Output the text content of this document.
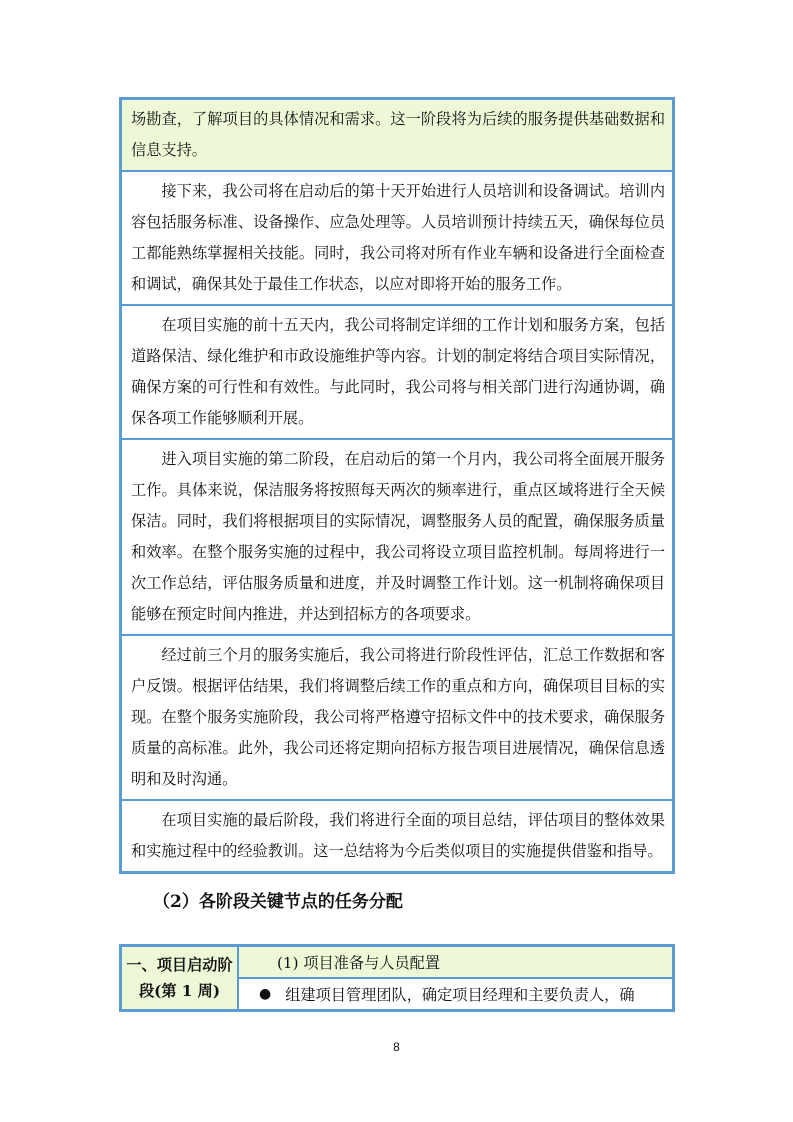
场勘查，了解项目的具体情况和需求。这一阶段将为后续的服务提供基础数据和信息支持。
接下来，我公司将在启动后的第十天开始进行人员培训和设备调试。培训内容包括服务标准、设备操作、应急处理等。人员培训预计持续五天，确保每位员工都能熟练掌握相关技能。同时，我公司将对所有作业车辆和设备进行全面检查和调试，确保其处于最佳工作状态，以应对即将开始的服务工作。
在项目实施的前十五天内，我公司将制定详细的工作计划和服务方案，包括道路保洁、绿化维护和市政设施维护等内容。计划的制定将结合项目实际情况，确保方案的可行性和有效性。与此同时，我公司将与相关部门进行沟通协调，确保各项工作能够顺利开展。
进入项目实施的第二阶段，在启动后的第一个月内，我公司将全面展开服务工作。具体来说，保洁服务将按照每天两次的频率进行，重点区域将进行全天候保洁。同时，我们将根据项目的实际情况，调整服务人员的配置，确保服务质量和效率。在整个服务实施的过程中，我公司将设立项目监控机制。每周将进行一次工作总结，评估服务质量和进度，并及时调整工作计划。这一机制将确保项目能够在预定时间内推进，并达到招标方的各项要求。
经过前三个月的服务实施后，我公司将进行阶段性评估，汇总工作数据和客户反馈。根据评估结果，我们将调整后续工作的重点和方向，确保项目目标的实现。在整个服务实施阶段，我公司将严格遵守招标文件中的技术要求，确保服务质量的高标准。此外，我公司还将定期向招标方报告项目进展情况，确保信息透明和及时沟通。
在项目实施的最后阶段，我们将进行全面的项目总结，评估项目的整体效果和实施过程中的经验教训。这一总结将为今后类似项目的实施提供借鉴和指导。
（2）各阶段关键节点的任务分配
一、项目启动阶段(第 1 周)
(1) 项目准备与人员配置
● 组建项目管理团队，确定项目经理和主要负责人，确
8
